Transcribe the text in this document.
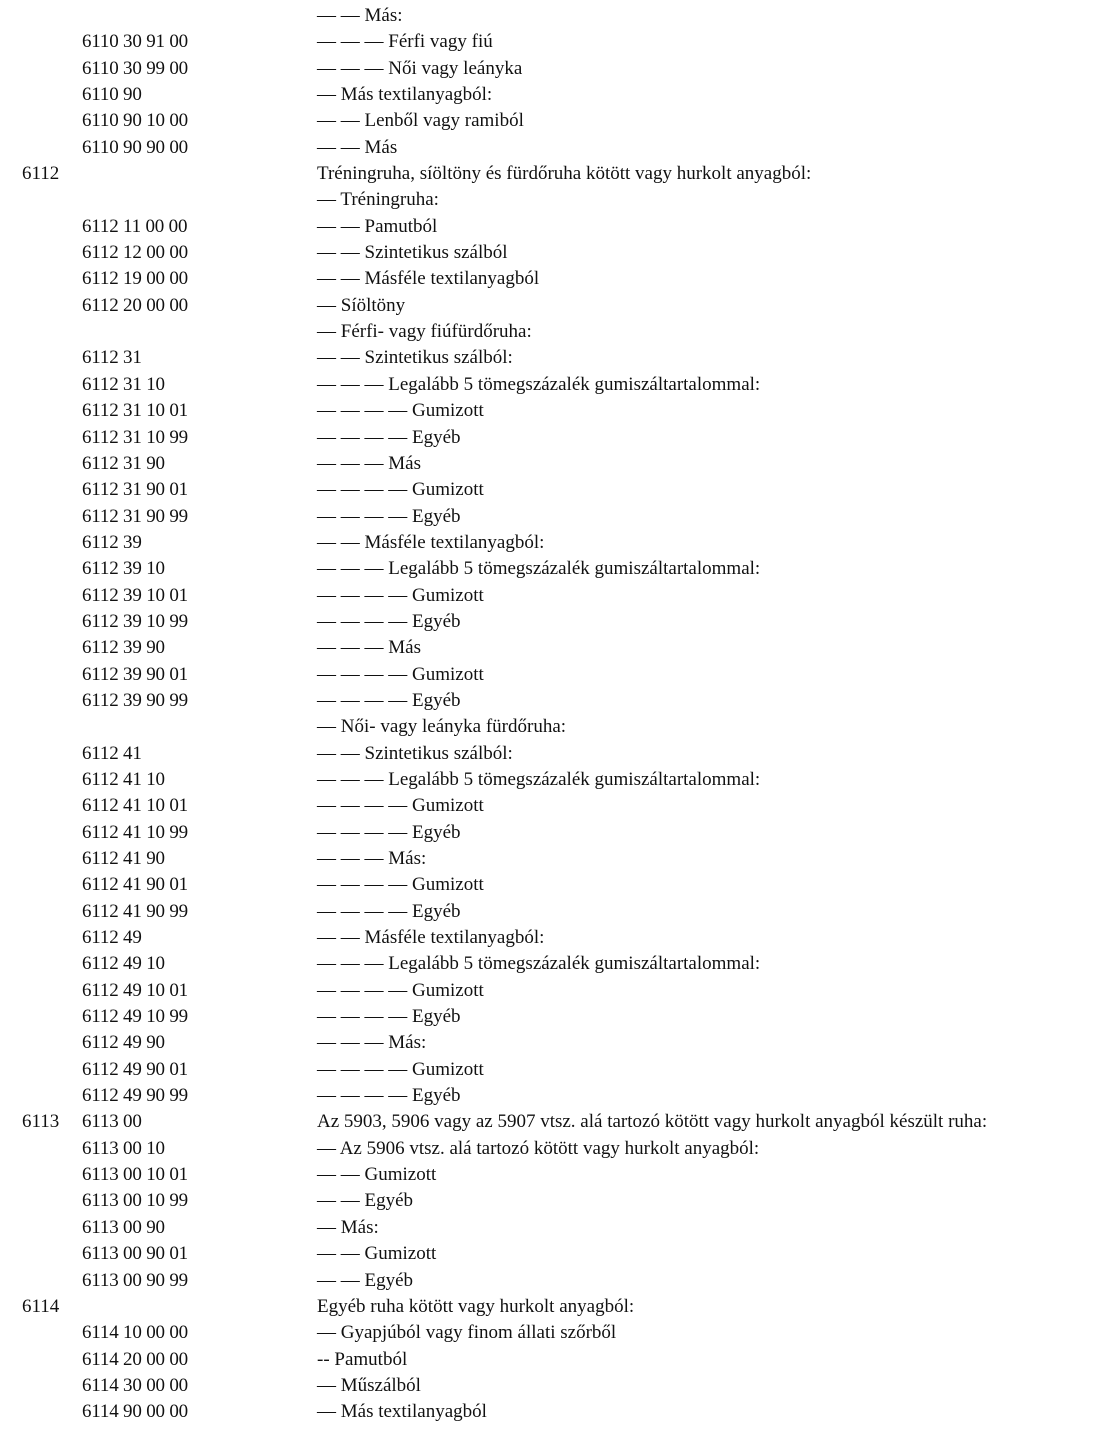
— — Más:
6110 30 91 00	— — — Férfi vagy fiú
6110 30 99 00	— — — Női vagy leányka
6110 90	— Más textilanyagból:
6110 90 10 00	— — Lenből vagy ramiból
6110 90 90 00	— — Más
6112	Tréningruha, síöltöny és fürdőruha kötött vagy hurkolt anyagból:
— Tréningruha:
6112 11 00 00	— — Pamutból
6112 12 00 00	— — Szintetikus szálból
6112 19 00 00	— — Másféle textilanyagból
6112 20 00 00	— Síöltöny
— Férfi- vagy fiúfürdőruha:
6112 31	— — Szintetikus szálból:
6112 31 10	— — — Legalább 5 tömegszázalék gumiszáltartalommal:
6112 31 10 01	— — — — Gumizott
6112 31 10 99	— — — — Egyéb
6112 31 90	— — — Más
6112 31 90 01	— — — — Gumizott
6112 31 90 99	— — — — Egyéb
6112 39	— — Másféle textilanyagból:
6112 39 10	— — — Legalább 5 tömegszázalék gumiszáltartalommal:
6112 39 10 01	— — — — Gumizott
6112 39 10 99	— — — — Egyéb
6112 39 90	— — — Más
6112 39 90 01	— — — — Gumizott
6112 39 90 99	— — — — Egyéb
— Női- vagy leányka fürdőruha:
6112 41	— — Szintetikus szálból:
6112 41 10	— — — Legalább 5 tömegszázalék gumiszáltartalommal:
6112 41 10 01	— — — — Gumizott
6112 41 10 99	— — — — Egyéb
6112 41 90	— — — Más:
6112 41 90 01	— — — — Gumizott
6112 41 90 99	— — — — Egyéb
6112 49	— — Másféle textilanyagból:
6112 49 10	— — — Legalább 5 tömegszázalék gumiszáltartalommal:
6112 49 10 01	— — — — Gumizott
6112 49 10 99	— — — — Egyéb
6112 49 90	— — — Más:
6112 49 90 01	— — — — Gumizott
6112 49 90 99	— — — — Egyéb
6113 6113 00	Az 5903, 5906 vagy az 5907 vtsz. alá tartozó kötött vagy hurkolt anyagból készült ruha:
6113 00 10	— Az 5906 vtsz. alá tartozó kötött vagy hurkolt anyagból:
6113 00 10 01	— — Gumizott
6113 00 10 99	— — Egyéb
6113 00 90	— Más:
6113 00 90 01	— — Gumizott
6113 00 90 99	— — Egyéb
6114	Egyéb ruha kötött vagy hurkolt anyagból:
6114 10 00 00	— Gyapjúból vagy finom állati szőrből
6114 20 00 00	-- Pamutból
6114 30 00 00	— Műszálból
6114 90 00 00	— Más textilanyagból
